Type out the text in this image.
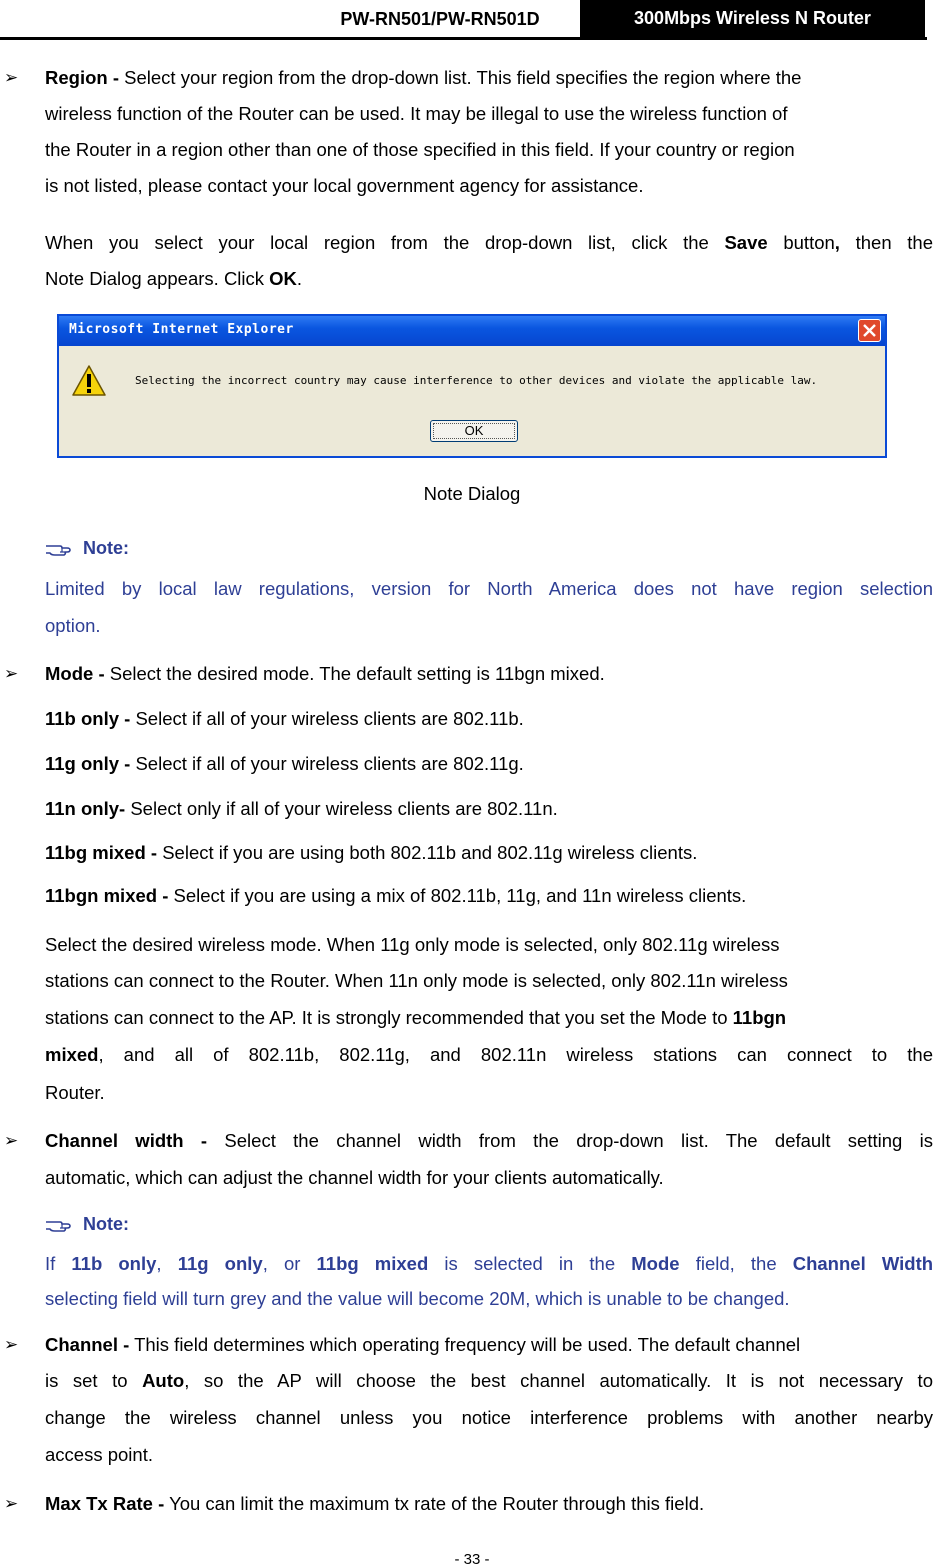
PW-RN501/PW-RN501D	300Mbps Wireless N Router
➢ Region - Select your region from the drop-down list. This field specifies the region where the
wireless function of the Router can be used. It may be illegal to use the wireless function of
the Router in a region other than one of those specified in this field. If your country or region
is not listed, please contact your local government agency for assistance.
When you select your local region from the drop-down list, click the Save button, then the
Note Dialog appears. Click OK.
Microsoft Internet Explorer
Selecting the incorrect country may cause interference to other devices and violate the applicable law.
OK
Note Dialog
Note:
Limited by local law regulations, version for North America does not have region selection
option.
➢ Mode - Select the desired mode. The default setting is 11bgn mixed.
11b only - Select if all of your wireless clients are 802.11b.
11g only - Select if all of your wireless clients are 802.11g.
11n only- Select only if all of your wireless clients are 802.11n.
11bg mixed - Select if you are using both 802.11b and 802.11g wireless clients.
11bgn mixed - Select if you are using a mix of 802.11b, 11g, and 11n wireless clients.
Select the desired wireless mode. When 11g only mode is selected, only 802.11g wireless
stations can connect to the Router. When 11n only mode is selected, only 802.11n wireless
stations can connect to the AP. It is strongly recommended that you set the Mode to 11bgn
mixed, and all of 802.11b, 802.11g, and 802.11n wireless stations can connect to the
Router.
➢ Channel width - Select the channel width from the drop-down list. The default setting is
automatic, which can adjust the channel width for your clients automatically.
Note:
If 11b only, 11g only, or 11bg mixed is selected in the Mode field, the Channel Width
selecting field will turn grey and the value will become 20M, which is unable to be changed.
➢ Channel - This field determines which operating frequency will be used. The default channel
is set to Auto, so the AP will choose the best channel automatically. It is not necessary to
change the wireless channel unless you notice interference problems with another nearby
access point.
➢ Max Tx Rate - You can limit the maximum tx rate of the Router through this field.
- 33 -
